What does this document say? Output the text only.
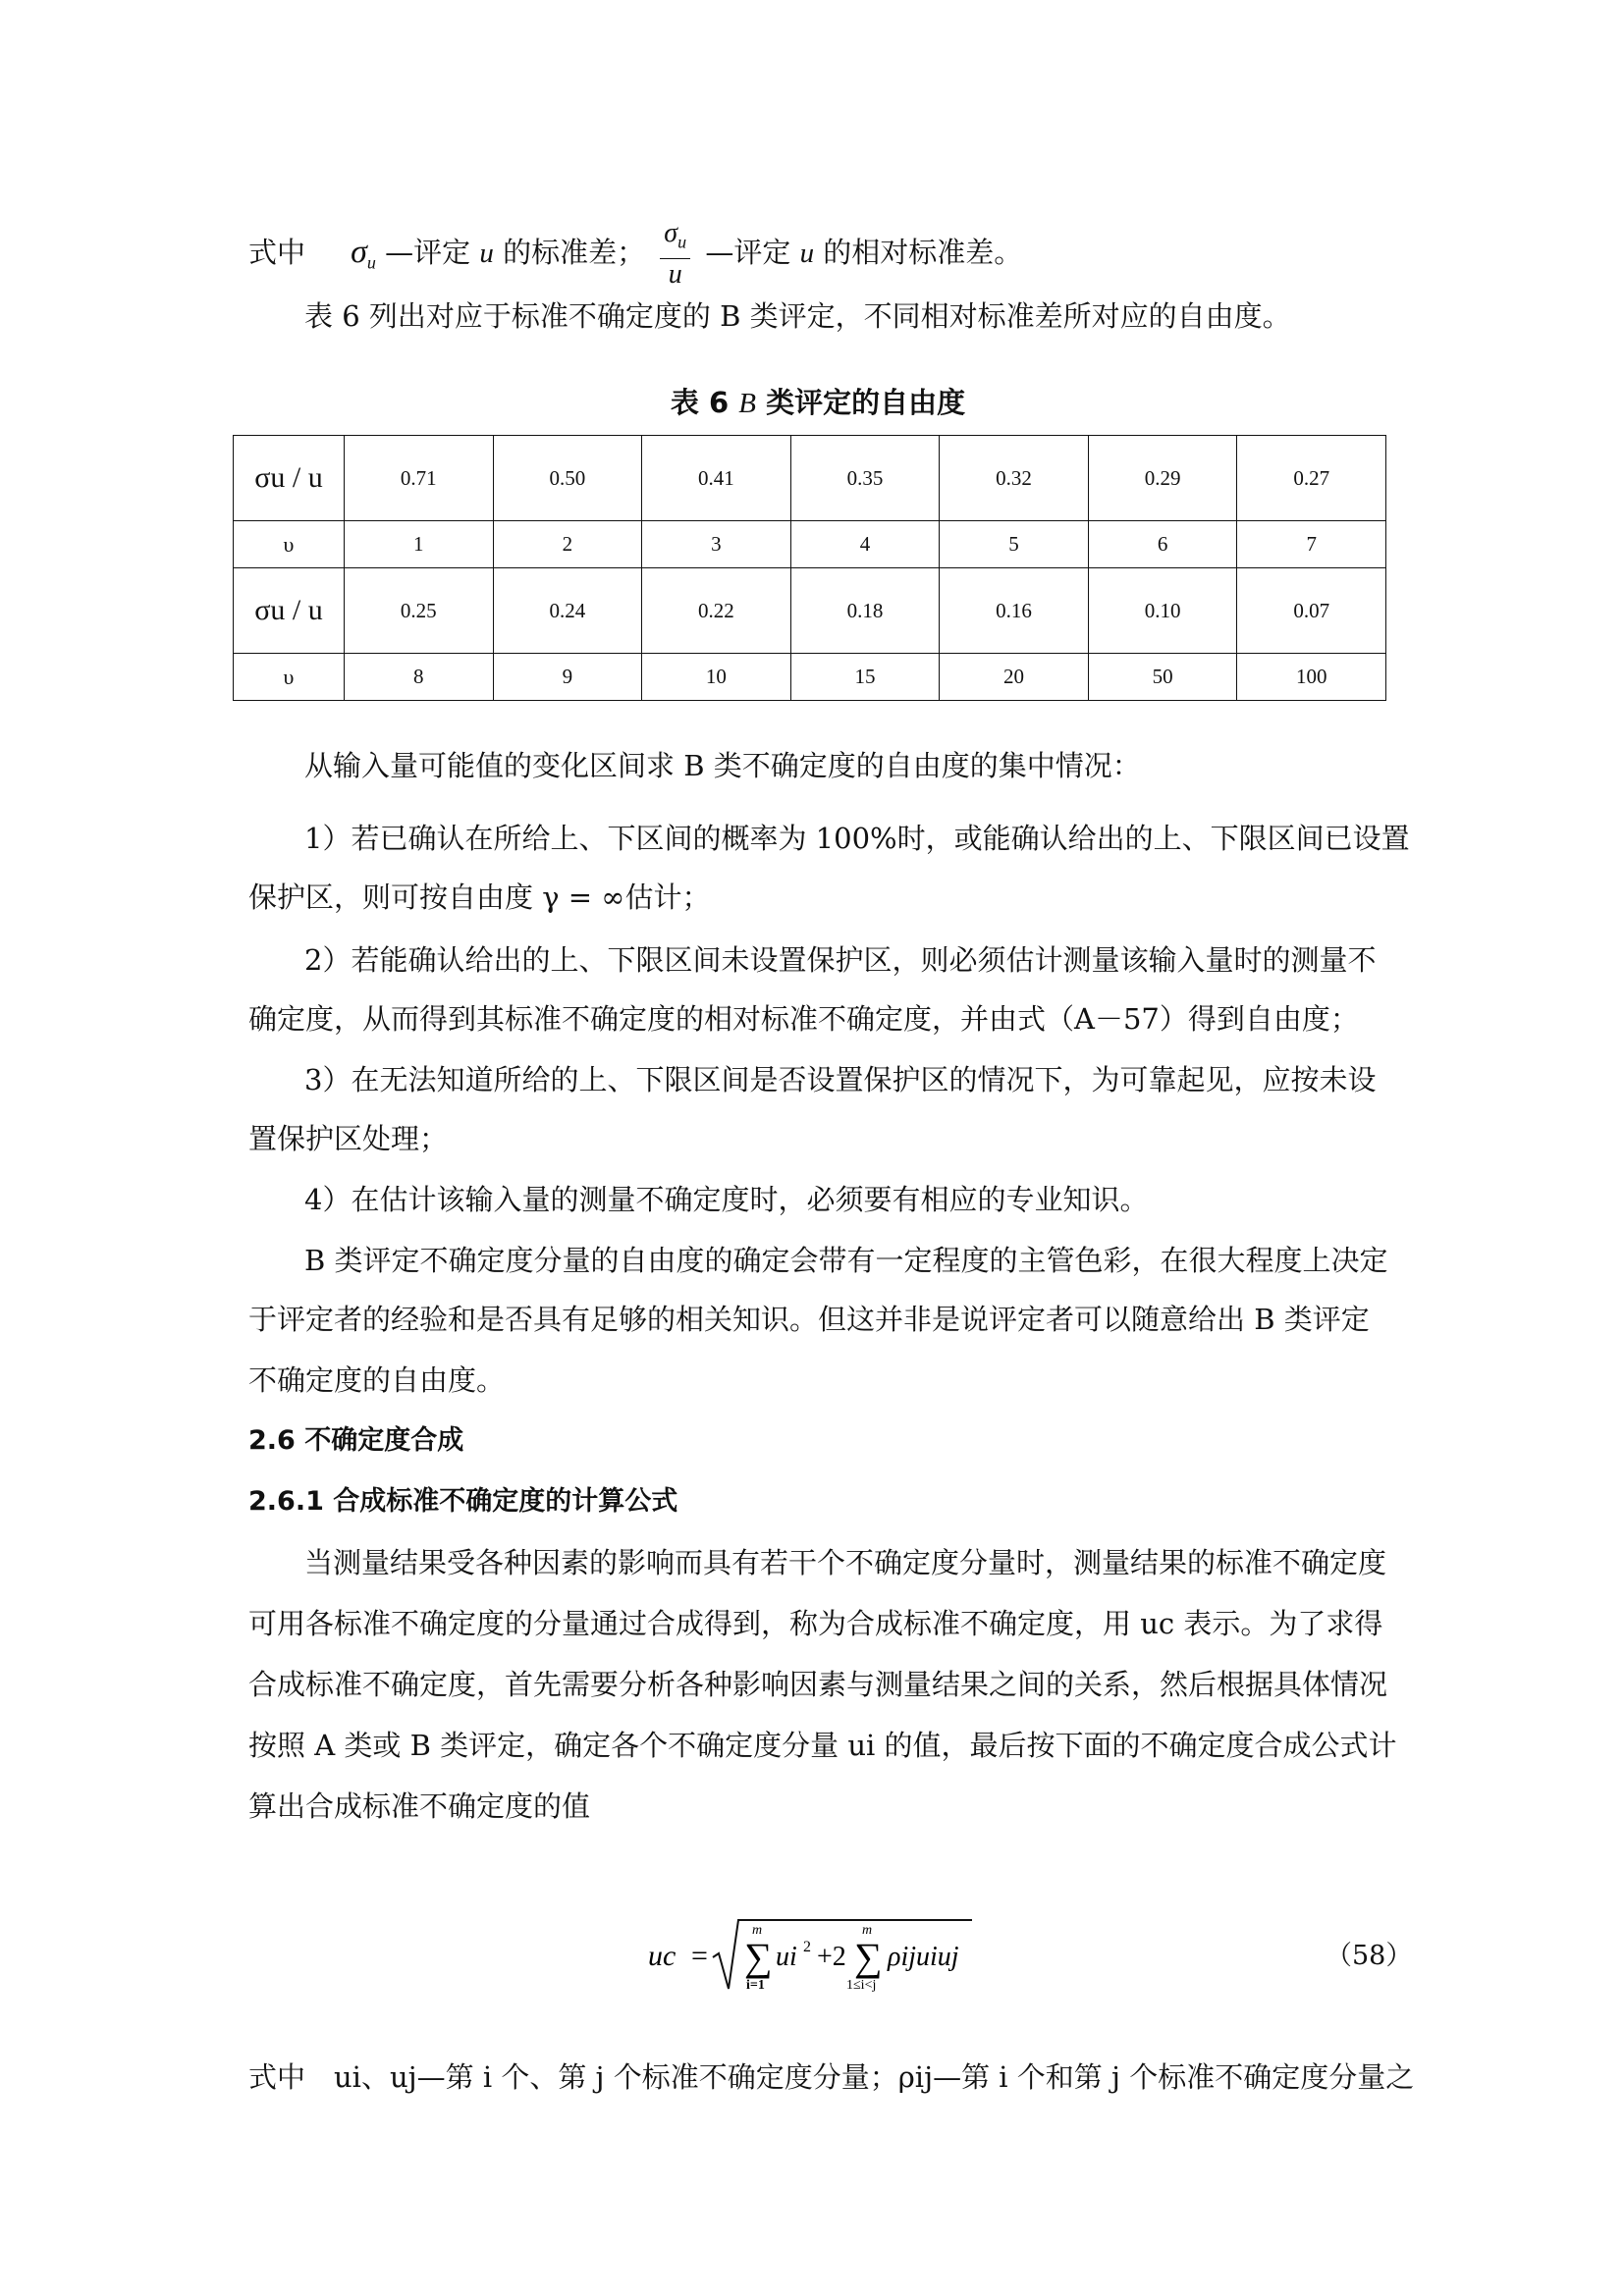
式中 $\sigma_u$ —评定 u 的标准差； $\frac{\sigma_u}{u}$ —评定 u 的相对标准差。
表 6 列出对应于标准不确定度的 B 类评定，不同相对标准差所对应的自由度。
表 6 B 类评定的自由度
σu / u	0.71	0.50	0.41	0.35	0.32	0.29	0.27
υ	1	2	3	4	5	6	7
σu / u	0.25	0.24	0.22	0.18	0.16	0.10	0.07
υ	8	9	10	15	20	50	100
从输入量可能值的变化区间求 B 类不确定度的自由度的集中情况：
1）若已确认在所给上、下区间的概率为 100%时，或能确认给出的上、下限区间已设置
保护区，则可按自由度 γ = ∞估计；
2）若能确认给出的上、下限区间未设置保护区，则必须估计测量该输入量时的测量不
确定度，从而得到其标准不确定度的相对标准不确定度，并由式（A－57）得到自由度；
3）在无法知道所给的上、下限区间是否设置保护区的情况下，为可靠起见，应按未设
置保护区处理；
4）在估计该输入量的测量不确定度时，必须要有相应的专业知识。
B 类评定不确定度分量的自由度的确定会带有一定程度的主管色彩，在很大程度上决定
于评定者的经验和是否具有足够的相关知识。但这并非是说评定者可以随意给出 B 类评定
不确定度的自由度。
2.6 不确定度合成
2.6.1 合成标准不确定度的计算公式
当测量结果受各种因素的影响而具有若干个不确定度分量时，测量结果的标准不确定度
可用各标准不确定度的分量通过合成得到，称为合成标准不确定度，用 uc 表示。为了求得
合成标准不确定度，首先需要分析各种影响因素与测量结果之间的关系，然后根据具体情况
按照 A 类或 B 类评定，确定各个不确定度分量 ui 的值，最后按下面的不确定度合成公式计
算出合成标准不确定度的值
uc = ∑
m
i=1
ui 2 +2 ∑
m
1≤i<j
ρijuiuj	（58）
式中　ui、uj—第 i 个、第 j 个标准不确定度分量；ρij—第 i 个和第 j 个标准不确定度分量之
